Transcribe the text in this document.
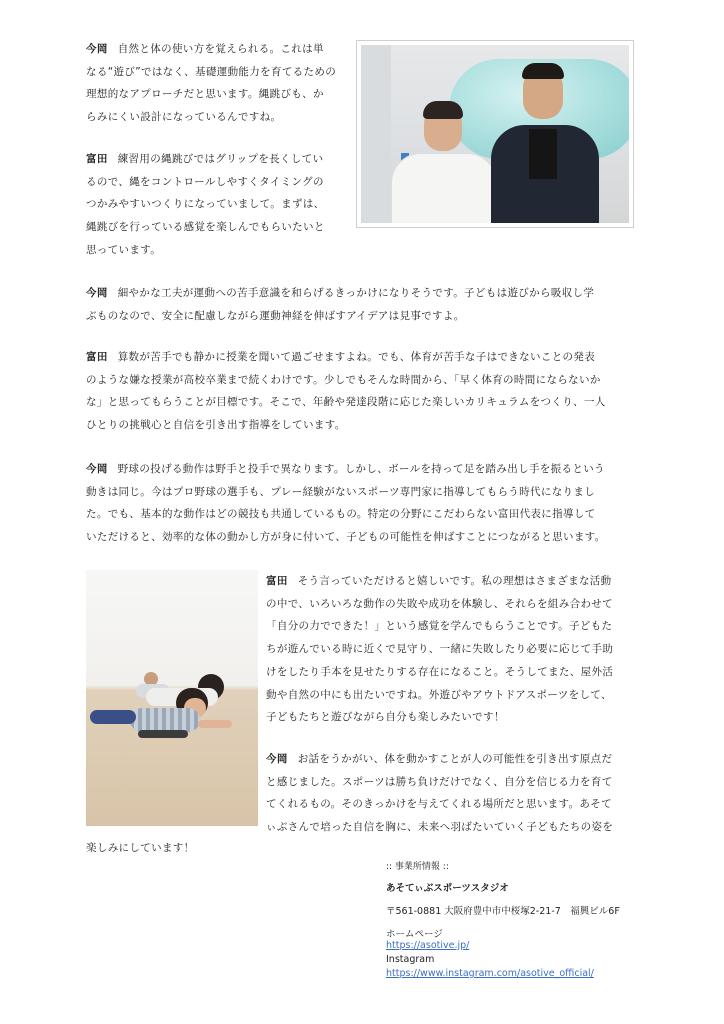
今岡 自然と体の使い方を覚えられる。これは単
なる“遊び”ではなく、基礎運動能力を育てるための
理想的なアプローチだと思います。縄跳びも、か
らみにくい設計になっているんですね。

富田 練習用の縄跳びではグリップを長くしてい
るので、縄をコントロールしやすくタイミングの
つかみやすいつくりになっていまして。まずは、
縄跳びを行っている感覚を楽しんでもらいたいと
思っています。

今岡 細やかな工夫が運動への苦手意識を和らげるきっかけになりそうです。子どもは遊びから吸収し学
ぶものなので、安全に配慮しながら運動神経を伸ばすアイデアは見事ですよ。

富田 算数が苦手でも静かに授業を聞いて過ごせますよね。でも、体育が苦手な子はできないことの発表
のような嫌な授業が高校卒業まで続くわけです。少しでもそんな時間から、「早く体育の時間にならないか
な」と思ってもらうことが目標です。そこで、年齢や発達段階に応じた楽しいカリキュラムをつくり、一人
ひとりの挑戦心と自信を引き出す指導をしています。

今岡 野球の投げる動作は野手と投手で異なります。しかし、ボールを持って足を踏み出し手を振るという
動きは同じ。今はプロ野球の選手も、プレー経験がないスポーツ専門家に指導してもらう時代になりまし
た。でも、基本的な動作はどの競技も共通しているもの。特定の分野にこだわらない富田代表に指導して
いただけると、効率的な体の動かし方が身に付いて、子どもの可能性を伸ばすことにつながると思います。

富田 そう言っていただけると嬉しいです。私の理想はさまざまな活動
の中で、いろいろな動作の失敗や成功を体験し、それらを組み合わせて
「自分の力でできた！」という感覚を学んでもらうことです。子どもた
ちが遊んでいる時に近くで見守り、一緒に失敗したり必要に応じて手助
けをしたり手本を見せたりする存在になること。そうしてまた、屋外活
動や自然の中にも出たいですね。外遊びやアウトドアスポーツをして、
子どもたちと遊びながら自分も楽しみたいです！

今岡 お話をうかがい、体を動かすことが人の可能性を引き出す原点だ
と感じました。スポーツは勝ち負けだけでなく、自分を信じる力を育て
てくれるもの。そのきっかけを与えてくれる場所だと思います。あそて
ぃぶさんで培った自信を胸に、未来へ羽ばたいていく子どもたちの姿を

楽しみにしています！

:: 事業所情報 ::
あそてぃぶスポーツスタジオ
〒561-0881 大阪府豊中市中桜塚2-21-7　福興ビル6F
ホームページ
https://asotive.jp/
Instagram
https://www.instagram.com/asotive_official/
